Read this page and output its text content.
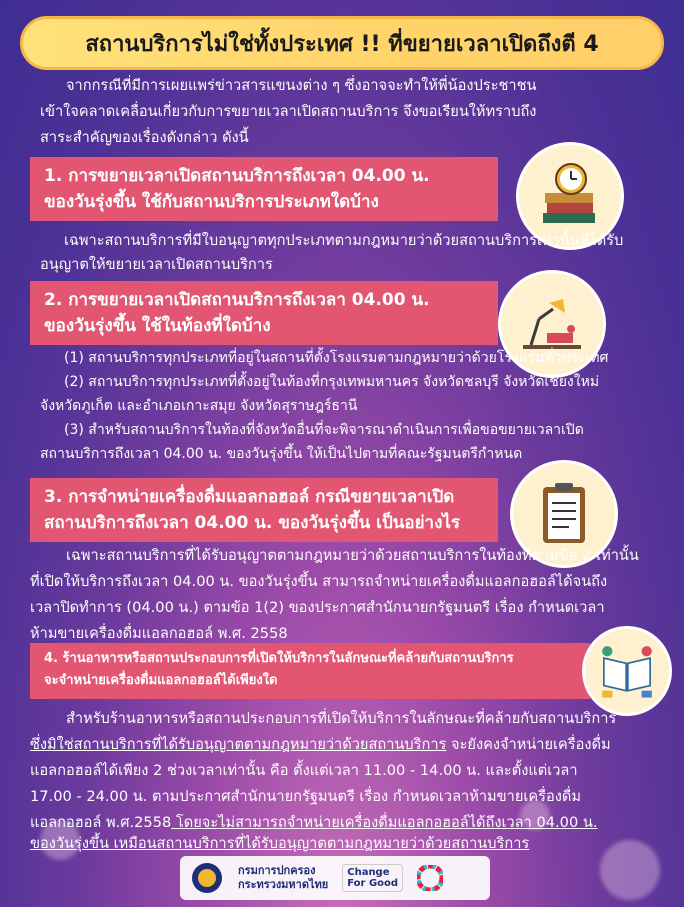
สถานบริการไม่ใช่ทั้งประเทศ !! ที่ขยายเวลาเปิดถึงตี 4
จากกรณีที่มีการเผยแพร่ข่าวสารแขนงต่าง ๆ ซึ่งอาจจะทำให้พี่น้องประชาชน
เข้าใจคลาดเคลื่อนเกี่ยวกับการขยายเวลาเปิดสถานบริการ จึงขอเรียนให้ทราบถึง
สาระสำคัญของเรื่องดังกล่าว ดังนี้
1. การขยายเวลาเปิดสถานบริการถึงเวลา 04.00 น.
ของวันรุ่งขึ้น ใช้กับสถานบริการประเภทใดบ้าง
เฉพาะสถานบริการที่มีใบอนุญาตทุกประเภทตามกฎหมายว่าด้วยสถานบริการเท่านั้นที่ได้รับ
อนุญาตให้ขยายเวลาเปิดสถานบริการ
2. การขยายเวลาเปิดสถานบริการถึงเวลา 04.00 น.
ของวันรุ่งขึ้น ใช้ในท้องที่ใดบ้าง
(1) สถานบริการทุกประเภทที่อยู่ในสถานที่ตั้งโรงแรมตามกฎหมายว่าด้วยโรงแรมทั่วประเทศ
(2) สถานบริการทุกประเภทที่ตั้งอยู่ในท้องที่กรุงเทพมหานคร จังหวัดชลบุรี จังหวัดเชียงใหม่
จังหวัดภูเก็ต และอำเภอเกาะสมุย จังหวัดสุราษฎร์ธานี
(3) สำหรับสถานบริการในท้องที่จังหวัดอื่นที่จะพิจารณาดำเนินการเพื่อขอขยายเวลาเปิด
สถานบริการถึงเวลา 04.00 น. ของวันรุ่งขึ้น ให้เป็นไปตามที่คณะรัฐมนตรีกำหนด
3. การจำหน่ายเครื่องดื่มแอลกอฮอล์ กรณีขยายเวลาเปิด
สถานบริการถึงเวลา 04.00 น. ของวันรุ่งขึ้น เป็นอย่างไร
เฉพาะสถานบริการที่ได้รับอนุญาตตามกฎหมายว่าด้วยสถานบริการในท้องที่ตามข้อ 2 เท่านั้น
ที่เปิดให้บริการถึงเวลา 04.00 น. ของวันรุ่งขึ้น สามารถจำหน่ายเครื่องดื่มแอลกอฮอล์ได้จนถึง
เวลาปิดทำการ (04.00 น.) ตามข้อ 1(2) ของประกาศสำนักนายกรัฐมนตรี เรื่อง กำหนดเวลา
ห้ามขายเครื่องดื่มแอลกอฮอล์ พ.ศ. 2558
4. ร้านอาหารหรือสถานประกอบการที่เปิดให้บริการในลักษณะที่คล้ายกับสถานบริการ
จะจำหน่ายเครื่องดื่มแอลกอฮอล์ได้เพียงใด
สำหรับร้านอาหารหรือสถานประกอบการที่เปิดให้บริการในลักษณะที่คล้ายกับสถานบริการ
ซึ่งมิใช่สถานบริการที่ได้รับอนุญาตตามกฎหมายว่าด้วยสถานบริการ จะยังคงจำหน่ายเครื่องดื่ม
แอลกอฮอล์ได้เพียง 2 ช่วงเวลาเท่านั้น คือ ตั้งแต่เวลา 11.00 - 14.00 น. และตั้งแต่เวลา
17.00 - 24.00 น. ตามประกาศสำนักนายกรัฐมนตรี เรื่อง กำหนดเวลาห้ามขายเครื่องดื่ม
แอลกอฮอล์ พ.ศ.2558 โดยจะไม่สามารถจำหน่ายเครื่องดื่มแอลกอฮอล์ได้ถึงเวลา 04.00 น.
ของวันรุ่งขึ้น เหมือนสถานบริการที่ได้รับอนุญาตตามกฎหมายว่าด้วยสถานบริการ
กรมการปกครอง
กระทรวงมหาดไทย
Change
For Good
